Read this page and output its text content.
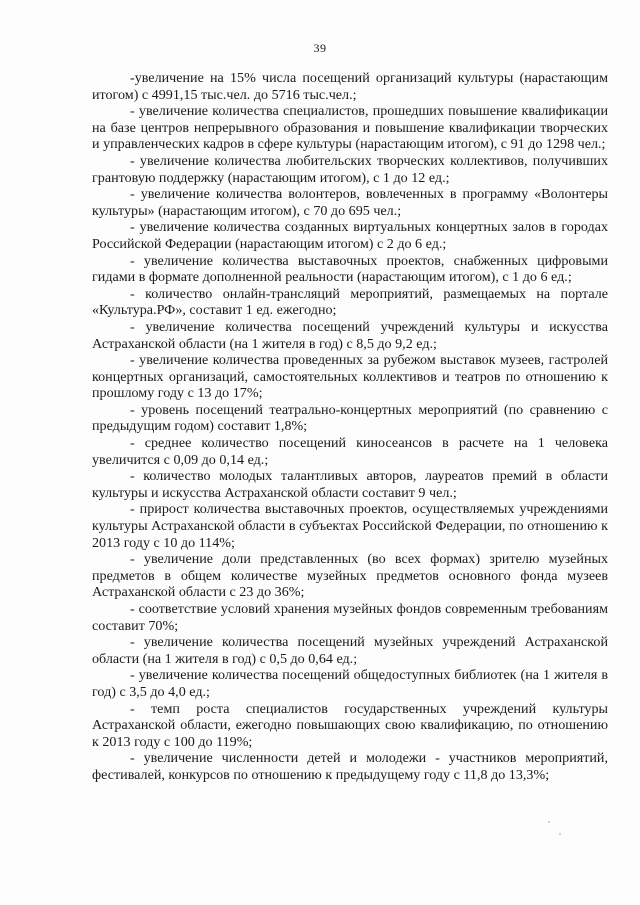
39

-увеличение на 15% числа посещений организаций культуры (нарастающим итогом) с 4991,15 тыс.чел. до 5716 тыс.чел.;

- увеличение количества специалистов, прошедших повышение квалификации на базе центров непрерывного образования и повышение квалификации творческих и управленческих кадров в сфере культуры (нарастающим итогом), с 91 до 1298 чел.;

- увеличение количества любительских творческих коллективов, получивших грантовую поддержку (нарастающим итогом), с 1 до 12 ед.;

- увеличение количества волонтеров, вовлеченных в программу «Волонтеры культуры» (нарастающим итогом), с 70 до 695 чел.;

- увеличение количества созданных виртуальных концертных залов в городах Российской Федерации (нарастающим итогом) с 2 до 6 ед.;

- увеличение количества выставочных проектов, снабженных цифровыми гидами в формате дополненной реальности (нарастающим итогом), с 1 до 6 ед.;

- количество онлайн-трансляций мероприятий, размещаемых на портале «Культура.РФ», составит 1 ед. ежегодно;

- увеличение количества посещений учреждений культуры и искусства Астраханской области (на 1 жителя в год) с 8,5 до 9,2 ед.;

- увеличение количества проведенных за рубежом выставок музеев, гастролей концертных организаций, самостоятельных коллективов и театров по отношению к прошлому году с 13 до 17%;

- уровень посещений театрально-концертных мероприятий (по сравнению с предыдущим годом) составит 1,8%;

- среднее количество посещений киносеансов в расчете на 1 человека увеличится с 0,09 до 0,14 ед.;

- количество молодых талантливых авторов, лауреатов премий в области культуры и искусства Астраханской области составит 9 чел.;

- прирост количества выставочных проектов, осуществляемых учреждениями культуры Астраханской области в субъектах Российской Федерации, по отношению к 2013 году с 10 до 114%;

- увеличение доли представленных (во всех формах) зрителю музейных предметов в общем количестве музейных предметов основного фонда музеев Астраханской области с 23 до 36%;

- соответствие условий хранения музейных фондов современным требованиям составит 70%;

- увеличение количества посещений музейных учреждений Астраханской области (на 1 жителя в год) с 0,5 до 0,64 ед.;

- увеличение количества посещений общедоступных библиотек (на 1 жителя в год) с 3,5 до 4,0 ед.;

- темп роста специалистов государственных учреждений культуры Астраханской области, ежегодно повышающих свою квалификацию, по отношению к 2013 году с 100 до 119%;

- увеличение численности детей и молодежи - участников мероприятий, фестивалей, конкурсов по отношению к предыдущему году с 11,8 до 13,3%;
